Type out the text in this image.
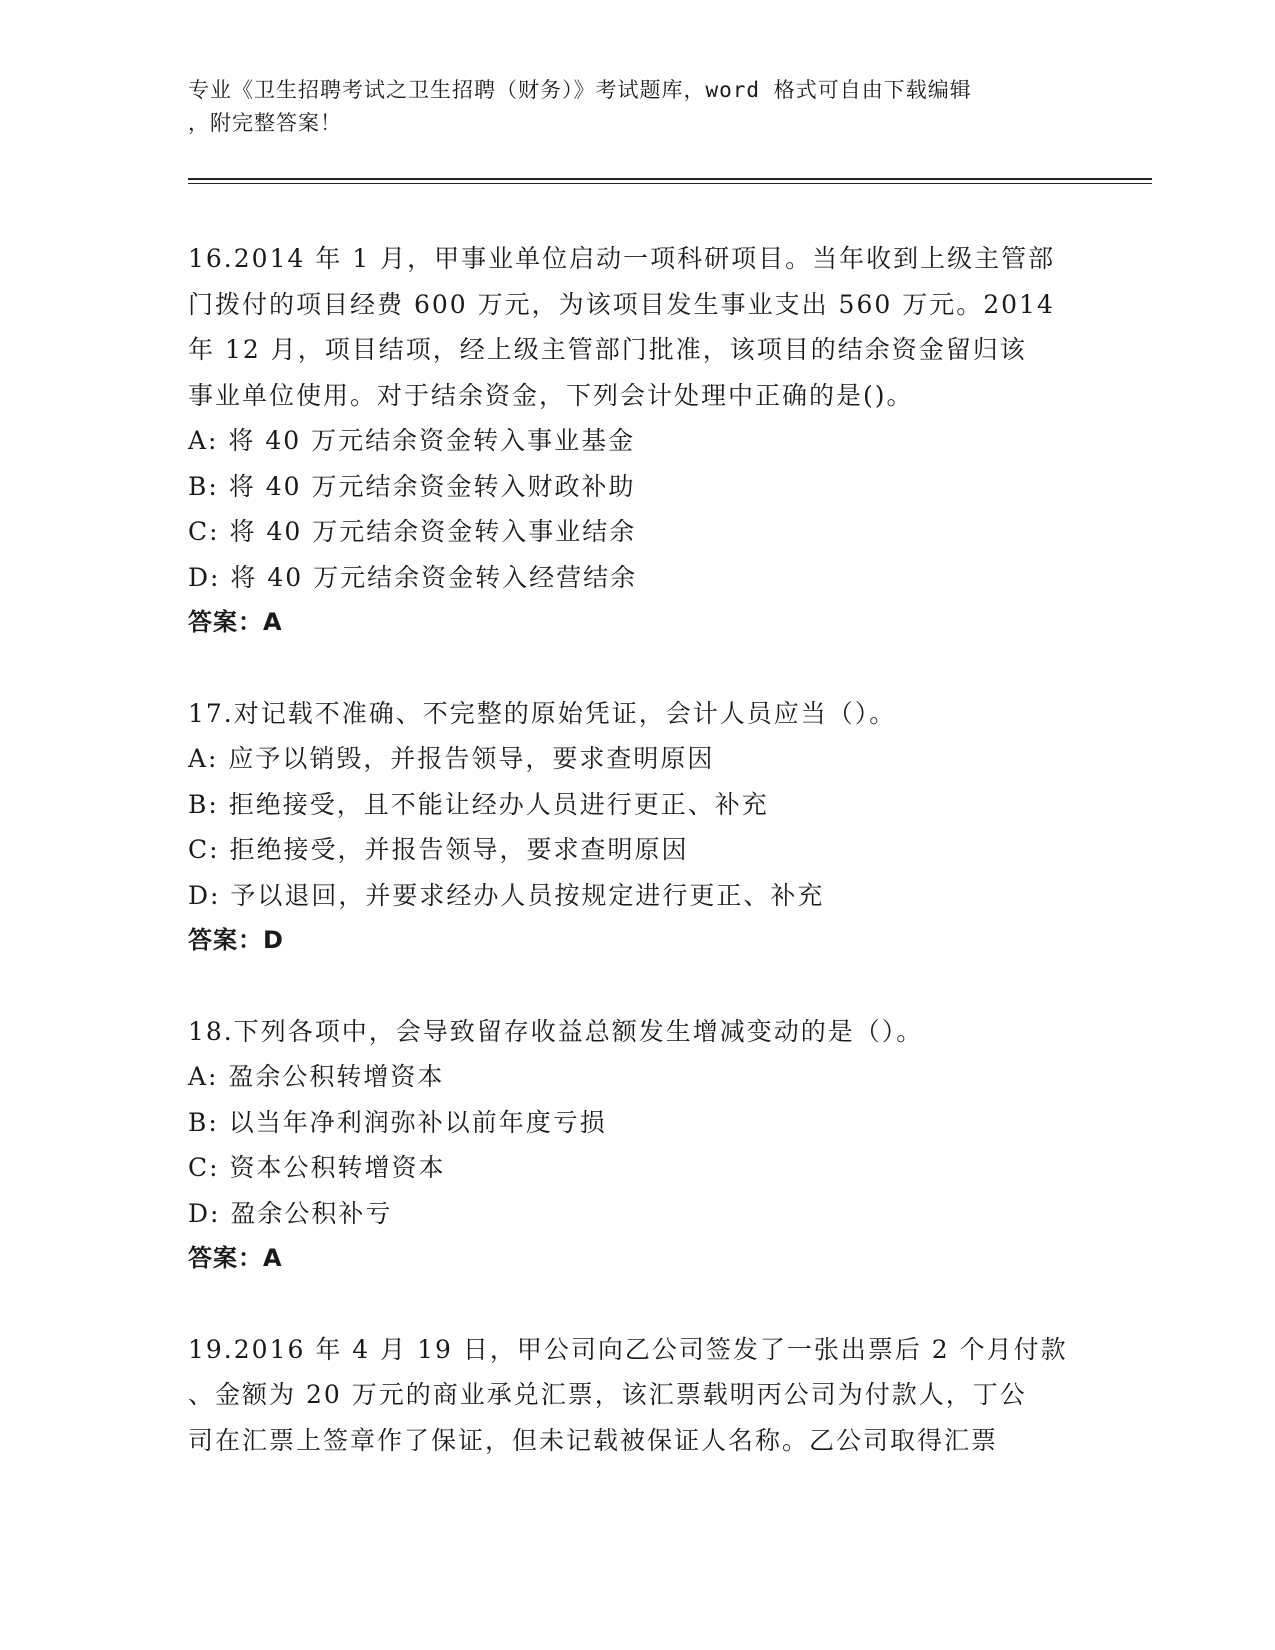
专业《卫生招聘考试之卫生招聘（财务）》考试题库，word 格式可自由下载编辑
，附完整答案！

16.2014 年 1 月，甲事业单位启动一项科研项目。当年收到上级主管部

门拨付的项目经费 600 万元，为该项目发生事业支出 560 万元。2014

年 12 月，项目结项，经上级主管部门批准，该项目的结余资金留归该

事业单位使用。对于结余资金，下列会计处理中正确的是()。

A: 将 40 万元结余资金转入事业基金

B: 将 40 万元结余资金转入财政补助

C: 将 40 万元结余资金转入事业结余

D: 将 40 万元结余资金转入经营结余

答案：A

17.对记载不准确、不完整的原始凭证，会计人员应当（）。

A: 应予以销毁，并报告领导，要求查明原因

B: 拒绝接受，且不能让经办人员进行更正、补充

C: 拒绝接受，并报告领导，要求查明原因

D: 予以退回，并要求经办人员按规定进行更正、补充

答案：D

18.下列各项中，会导致留存收益总额发生增减变动的是（）。

A: 盈余公积转增资本

B: 以当年净利润弥补以前年度亏损

C: 资本公积转增资本

D: 盈余公积补亏

答案：A

19.2016 年 4 月 19 日，甲公司向乙公司签发了一张出票后 2 个月付款

、金额为 20 万元的商业承兑汇票，该汇票载明丙公司为付款人，丁公

司在汇票上签章作了保证，但未记载被保证人名称。乙公司取得汇票
